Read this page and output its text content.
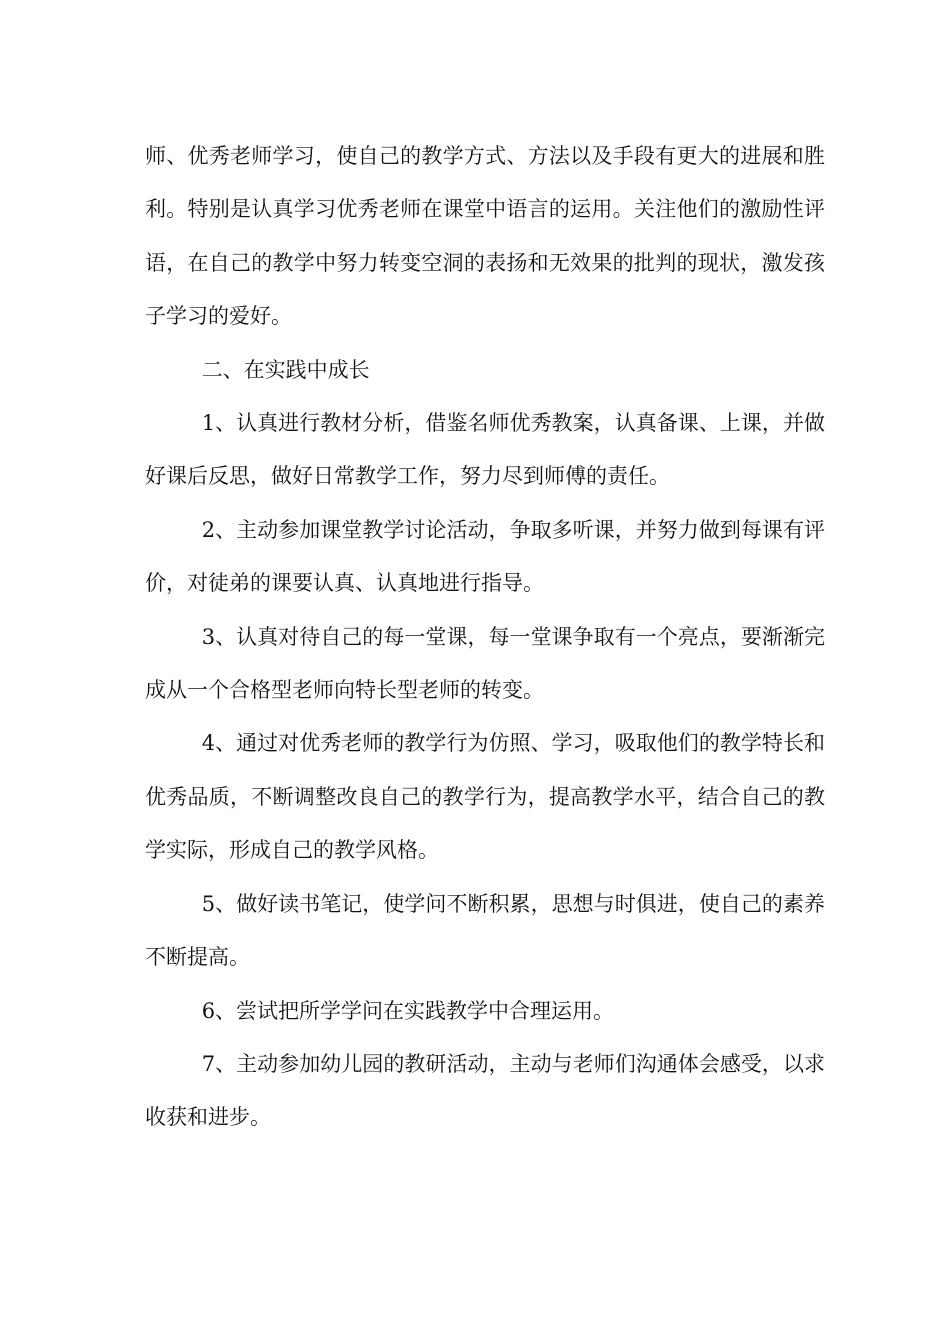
师、优秀老师学习，使自己的教学方式、方法以及手段有更大的进展和胜利。特别是认真学习优秀老师在课堂中语言的运用。关注他们的激励性评语，在自己的教学中努力转变空洞的表扬和无效果的批判的现状，激发孩子学习的爱好。

二、在实践中成长

1、认真进行教材分析，借鉴名师优秀教案，认真备课、上课，并做好课后反思，做好日常教学工作，努力尽到师傅的责任。

2、主动参加课堂教学讨论活动，争取多听课，并努力做到每课有评价，对徒弟的课要认真、认真地进行指导。

3、认真对待自己的每一堂课，每一堂课争取有一个亮点，要渐渐完成从一个合格型老师向特长型老师的转变。

4、通过对优秀老师的教学行为仿照、学习，吸取他们的教学特长和优秀品质，不断调整改良自己的教学行为，提高教学水平，结合自己的教学实际，形成自己的教学风格。

5、做好读书笔记，使学问不断积累，思想与时俱进，使自己的素养不断提高。

6、尝试把所学学问在实践教学中合理运用。

7、主动参加幼儿园的教研活动，主动与老师们沟通体会感受，以求收获和进步。
